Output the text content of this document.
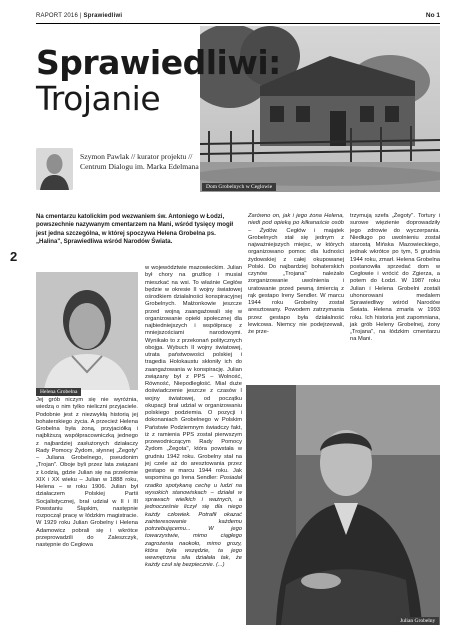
RAPORT 2016 | Sprawiedliwi	No 1
Sprawiedliwi:
Trojanie
Szymon Pawlak // kurator projektu //
Centrum Dialogu im. Marka Edelmana
Dom Grobelnych w Ceglowie
Na cmentarzu katolickim pod wezwaniem św. Antoniego w Łodzi, powszechnie nazywanym cmentarzem na Mani, wśród tysięcy mogił jest jedna szczególna, w której spoczywa Helena Grobelna ps. „Halina", Sprawiedliwa wśród Narodów Świata.
2
Helena Grobelna

Jej grób niczym się nie wyróżnia, wiedzą o nim tylko nieliczni przyjaciele. Podobnie jest z niezwykłą historią jej bohaterskiego życia. A przecież Helena Grobelna była żoną, przyjaciółką i najbliższą współpracowniczką jednego z najbardziej zasłużonych działaczy Rady Pomocy Żydom, słynnej „Żegoty" – Juliana Grobelnego, pseudonim „Trojan". Oboje byli przez lata związani z Łodzią, gdzie Julian się na przełomie XIX i XX wieku – Julian w 1888 roku, Helena – w roku 1906. Julian był działaczem Polskiej Partii Socjalistycznej, brał udział w II i III Powstaniu Śląskim, następnie rozpoczął pracę w łódzkim magistracie. W 1929 roku Julian Grobelny i Helena Adamowicz pobrali się i wkrótce przeprowadzili do Zaleszczyk, następnie do Cegłowa

w województwie mazowieckim. Julian był chory na gruźlicę i musiał mieszkać na wsi. To właśnie Cegłów będzie w okresie II wojny światowej ośrodkiem działalności konspiracyjnej Grobelnych. Małżonkowie jeszcze przed wojną zaangażowali się w organizowanie opieki społecznej dla najbiedniejszych i współpracę z mniejszościami narodowymi. Wynikało to z przekonań politycznych obojga. Wybuch II wojny światowej, utrata państwowości polskiej i tragedia Holokaustu skłoniły ich do zaangażowania w konspirację. Julian związany był z PPS – Wolność, Równość, Niepodległość. Miał duże doświadczenie jeszcze z czasów I wojny światowej, od początku okupacji brał udział w organizowaniu polskiego podziemia. O pozycji i dokonaniach Grobelnego w Polskim Państwie Podziemnym świadczy fakt, iż z ramienia PPS został pierwszym przewodniczącym Rady Pomocy Żydom „Żegota", która powstała w grudniu 1942 roku. Grobelny stał na jej czele aż do aresztowania przez gestapo w marcu 1944 roku. Jak wspomina go Irena Sendler: Posiadał rzadko spotykaną cechę u ludzi na wysokich stanowiskach – działał w sprawach wielkich i ważnych, a jednocześnie liczył się dla niego każdy człowiek. Potrafił okazać zainteresowanie każdemu potrzebującemu... W jego towarzystwie, mimo ciągłego zagrożenia naokoło, mimo grozy, która była wszędzie, ta jego wewnętrzna siła działała tak, że każdy czuł się bezpiecznie. (...)

Zarówno on, jak i jego żona Helena, niedi pod opieką po kilkanaście osób – Żydów. Cegłów i majątek Grobelnych stał się jednym z najważniejszych miejsc, w których organizowano pomoc dla ludności żydowskiej z całej okupowanej Polski. Do najbardziej bohaterskich czynów „Trojana" należało zorganizowanie uwolnienia i uratowanie przed pewną śmiercią z rąk gestapo Ireny Sendler. W marcu 1944 roku Grobelny został aresztowany. Powodem zatrzymania przez gestapo była działalność lewicowa. Niemcy nie podejrzewali, że prze-

trzymują szefa „Żegoty". Tortury i surowe więzienie doprowadziły jego zdrowie do wyczerpania. Niedługo po uwolnieniu został starostą Mińska Mazowieckiego, jednak wkrótce po tym, 5 grudnia 1944 roku, zmarł. Helena Grobelna postanowiła sprzedać dom w Cegłowie i wrócić do Zgierza, a potem do Łodzi. W 1987 roku Julian i Helena Grobelni zostali uhonorowani medalem Sprawiedliwy wśród Narodów Świata. Helena zmarła w 1993 roku. Ich historia jest zapomniana, jak grób Heleny Grobelnej, żony „Trojana", na łódzkim cmentarzu na Mani.

Julian Grobelny
